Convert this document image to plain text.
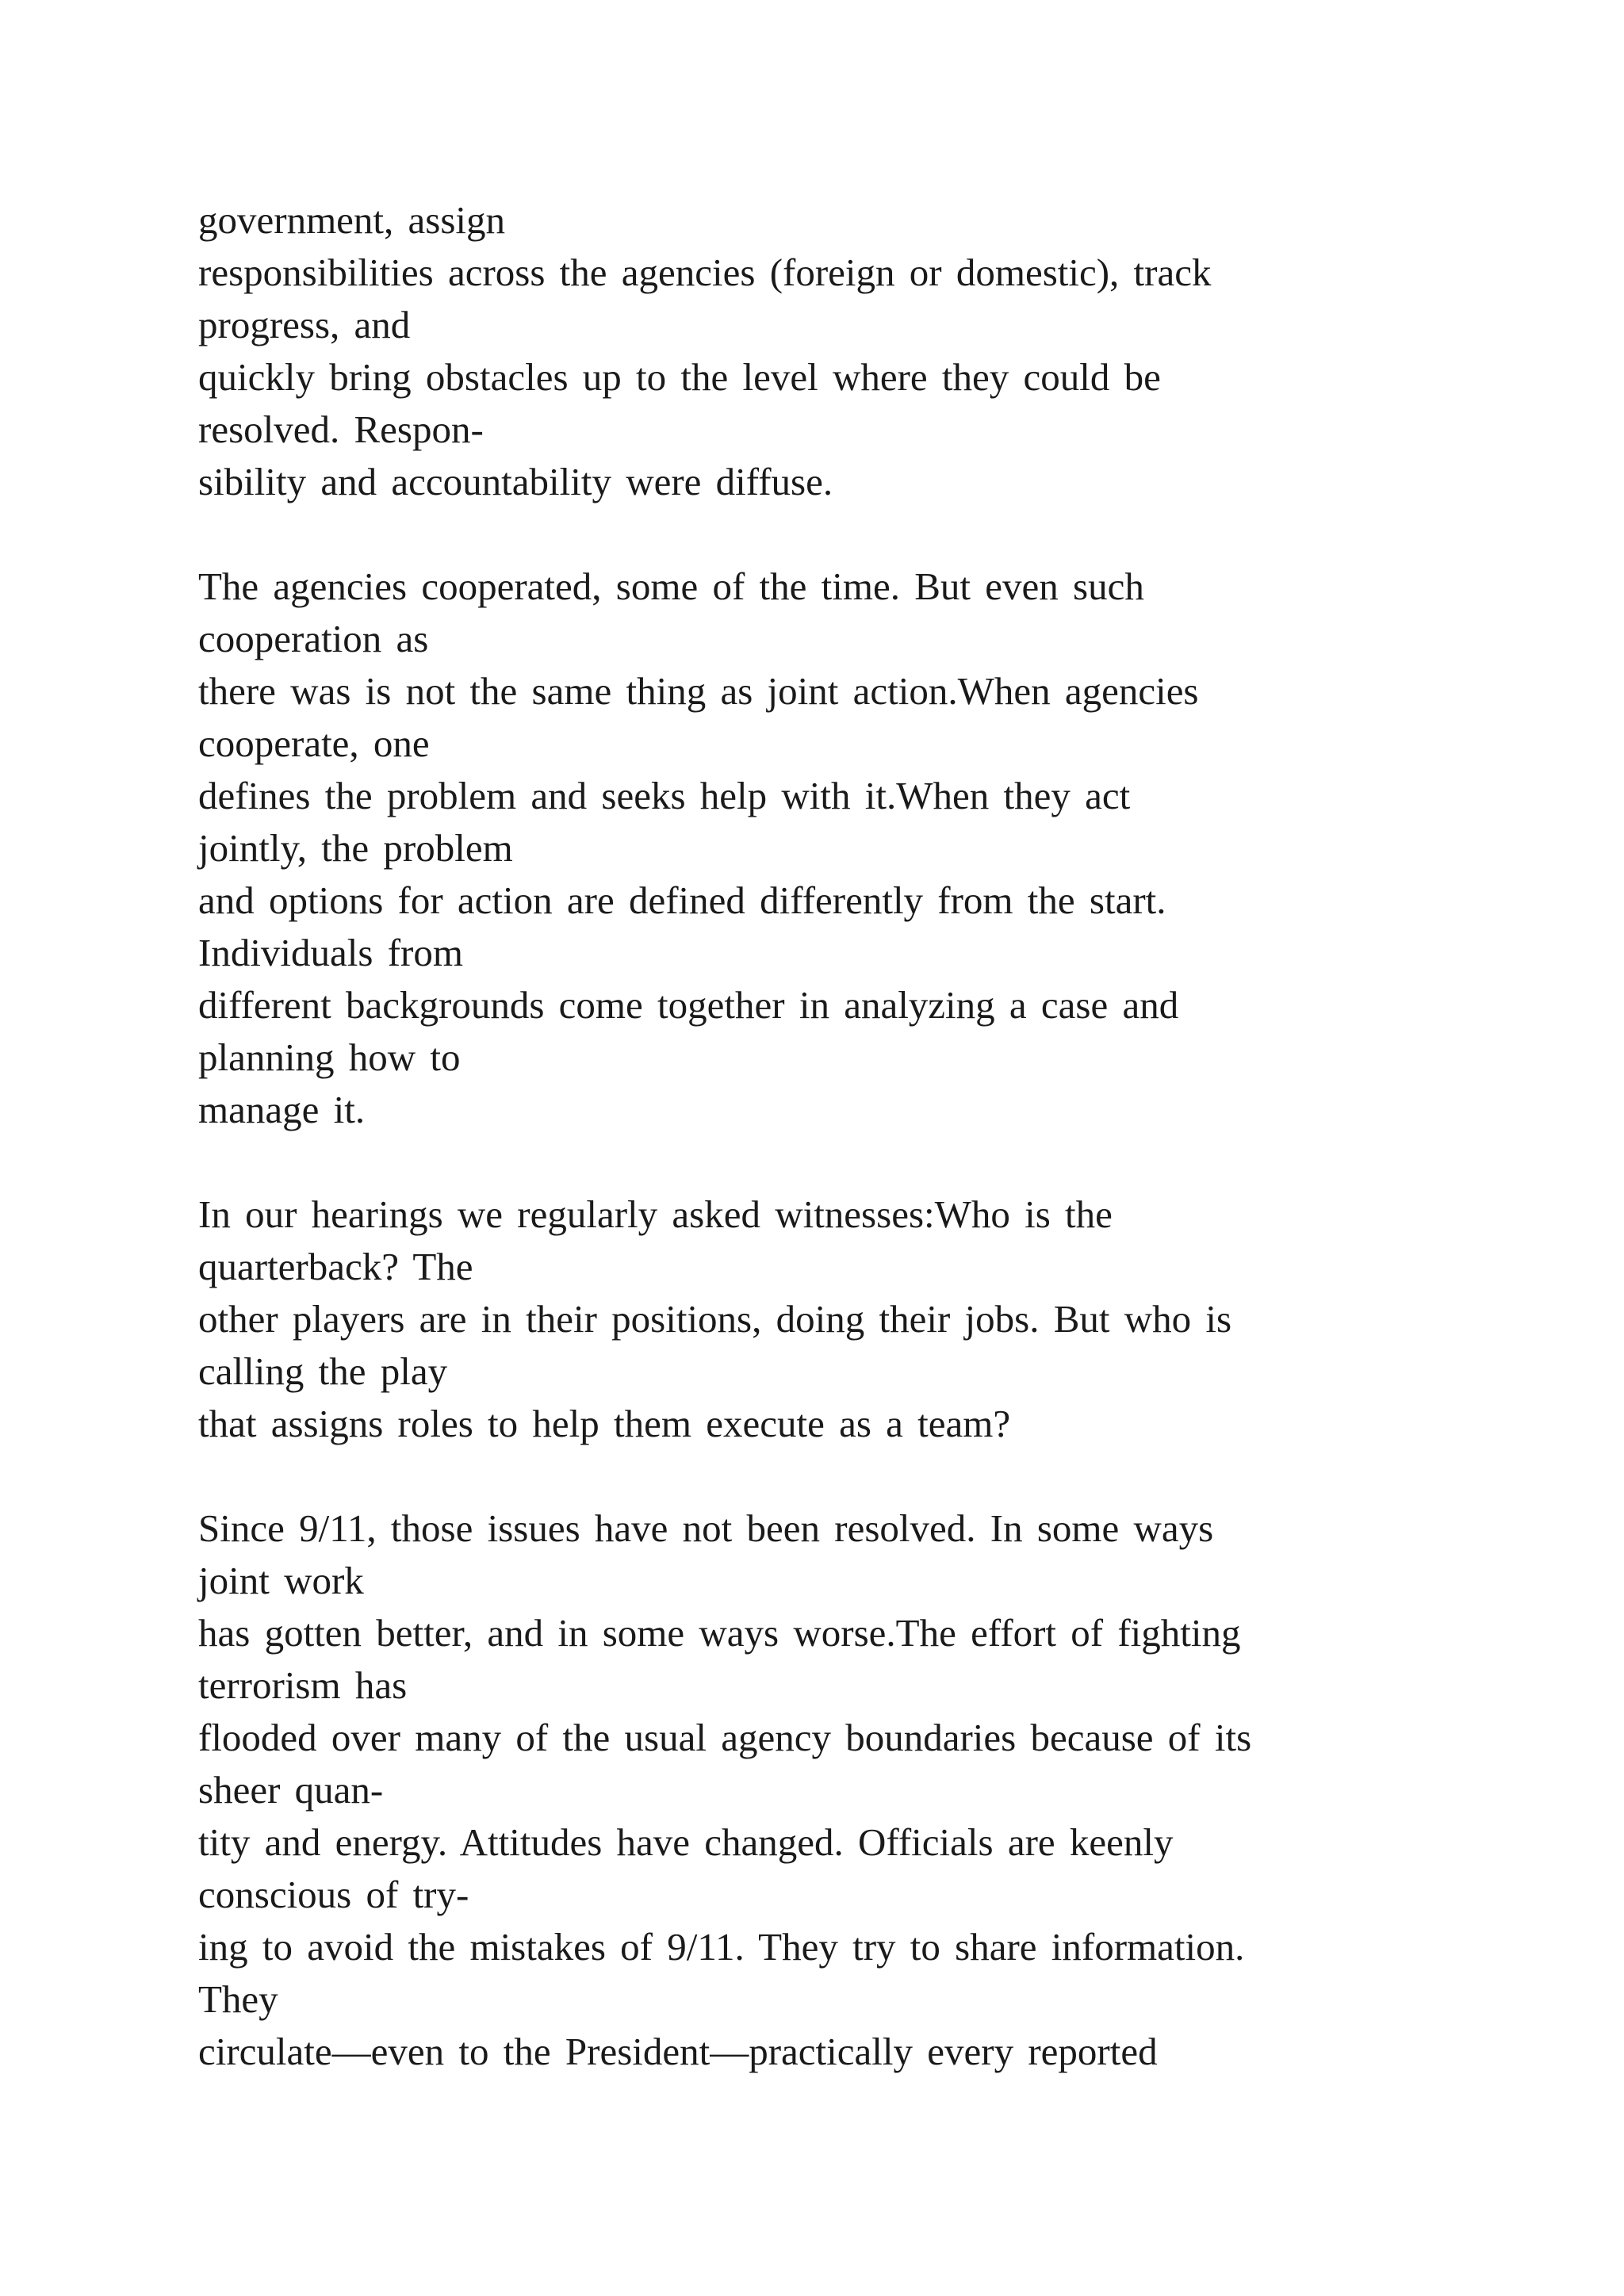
government, assign
responsibilities across the agencies (foreign or domestic), track
progress, and
quickly bring obstacles up to the level where they could be
resolved. Respon-
sibility and accountability were diffuse.
The agencies cooperated, some of the time. But even such
cooperation as
there was is not the same thing as joint action.When agencies
cooperate, one
defines the problem and seeks help with it.When they act
jointly, the problem
and options for action are defined differently from the start.
Individuals from
different backgrounds come together in analyzing a case and
planning how to
manage it.
In our hearings we regularly asked witnesses:Who is the
quarterback? The
other players are in their positions, doing their jobs. But who is
calling the play
that assigns roles to help them execute as a team?
Since 9/11, those issues have not been resolved. In some ways
joint work
has gotten better, and in some ways worse.The effort of fighting
terrorism has
flooded over many of the usual agency boundaries because of its
sheer quan-
tity and energy. Attitudes have changed. Officials are keenly
conscious of try-
ing to avoid the mistakes of 9/11. They try to share information.
They
circulate—even to the President—practically every reported
